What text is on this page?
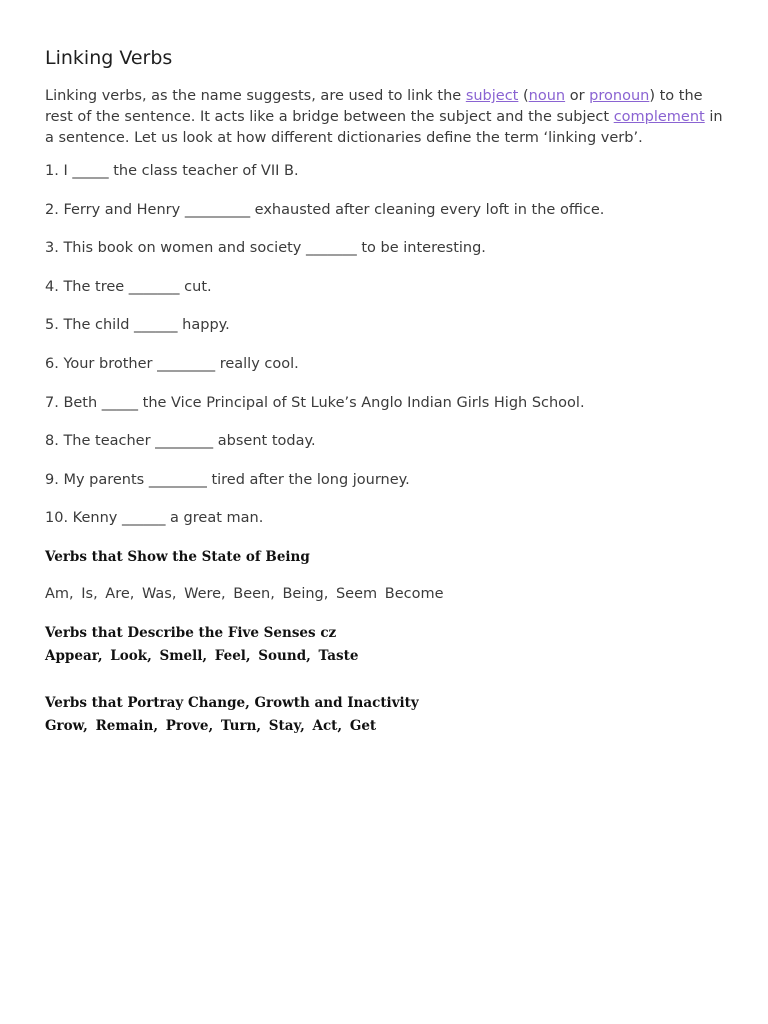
Linking Verbs

Linking verbs, as the name suggests, are used to link the subject (noun or pronoun) to the rest of the sentence. It acts like a bridge between the subject and the subject complement in a sentence. Let us look at how different dictionaries define the term ‘linking verb’.

1. I _____ the class teacher of VII B.

2. Ferry and Henry _________ exhausted after cleaning every loft in the office.

3. This book on women and society _______ to be interesting.

4. The tree _______ cut.

5. The child ______ happy.

6. Your brother ________ really cool.

7. Beth _____ the Vice Principal of St Luke’s Anglo Indian Girls High School.

8. The teacher ________ absent today.

9. My parents ________ tired after the long journey.

10. Kenny ______ a great man.

Verbs that Show the State of Being

Am, Is, Are, Was, Were, Been, Being, Seem Become

Verbs that Describe the Five Senses cz

Appear, Look, Smell, Feel, Sound, Taste

Verbs that Portray Change, Growth and Inactivity

Grow, Remain, Prove, Turn, Stay, Act, Get
